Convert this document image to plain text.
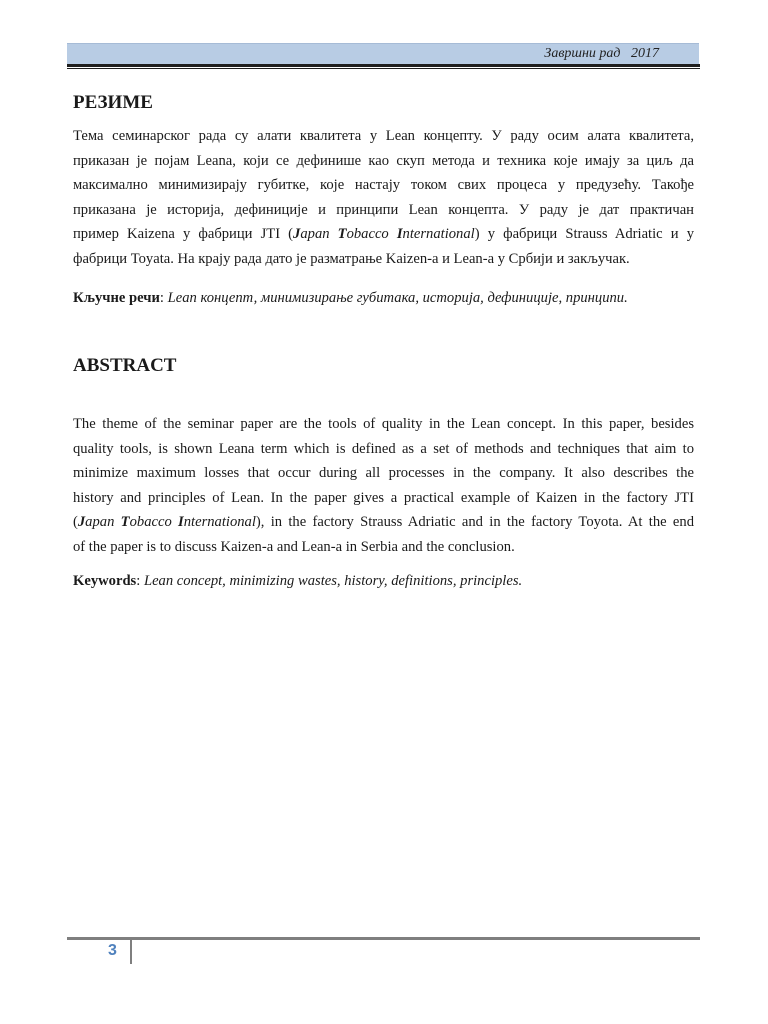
Завршни рад 2017
РЕЗИМЕ
Тема семинарског рада су алати квалитета у Lean концепту. У раду осим алата квалитета,
приказан је појам Leana, који се дефинише као скуп метода и техника које имају за циљ да
максимално минимизирају губитке, које настају током свих процеса у предузећу. Такође
приказана је историја, дефиниције и принципи Lean концепта. У раду је дат практичан
пример Kaizena у фабрици JTI (Japan Tobacco International) у фабрици Strauss Adriatic и у
фабрици Toyata. На крају рада дато је разматрање Kaizen-a и Lean-a у Србији и закључак.

Кључне речи: Lean концепт, минимизирање губитака, историја, дефиниције, принципи.

ABSTRACT
The theme of the seminar paper are the tools of quality in the Lean concept. In this paper, besides
quality tools, is shown Leana term which is defined as a set of methods and techniques that aim to
minimize maximum losses that occur during all processes in the company. It also describes the
history and principles of Lean. In the paper gives a practical example of Kaizen in the factory JTI
(Japan Tobacco International), in the factory Strauss Adriatic and in the factory Toyota. At the end
of the paper is to discuss Kaizen-a and Lean-a in Serbia and the conclusion.

Keywords: Lean concept, minimizing wastes, history, definitions, principles.

3
